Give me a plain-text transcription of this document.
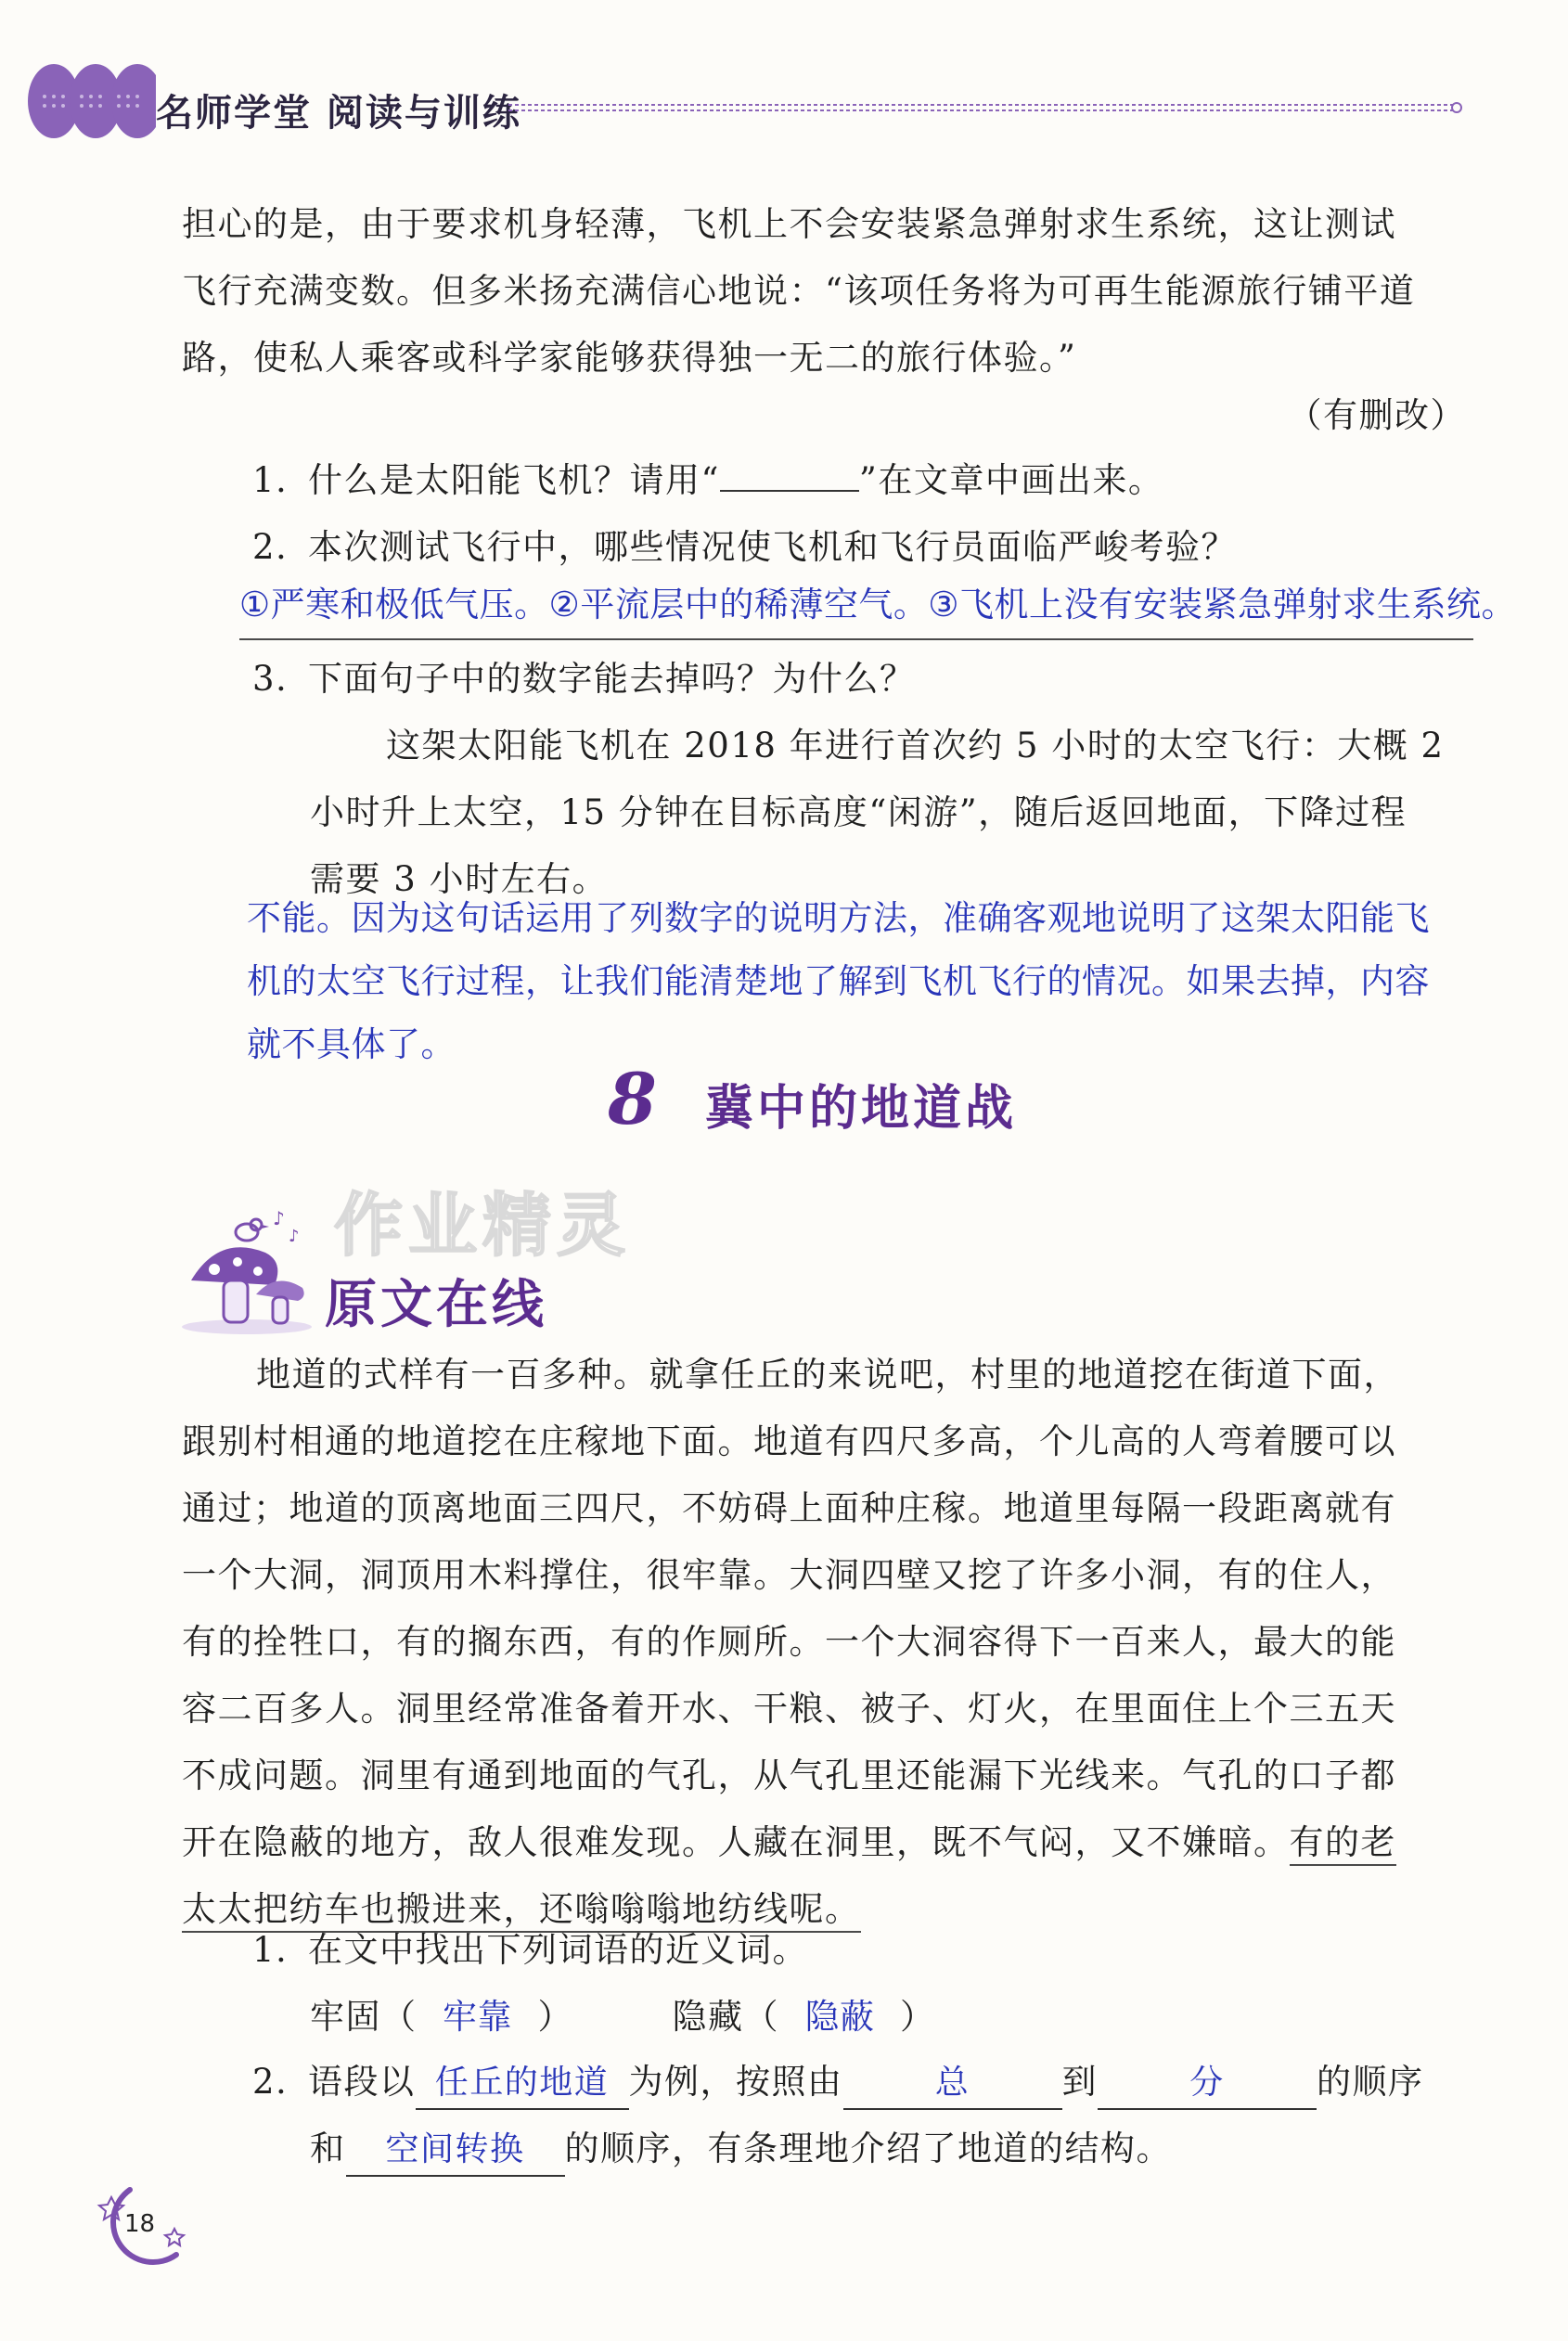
名师学堂 阅读与训练
担心的是，由于要求机身轻薄，飞机上不会安装紧急弹射求生系统，这让测试
飞行充满变数。但多米扬充满信心地说：“该项任务将为可再生能源旅行铺平道
路，使私人乘客或科学家能够获得独一无二的旅行体验。”
（有删改）
1. 什么是太阳能飞机？请用“	”在文章中画出来。
2. 本次测试飞行中，哪些情况使飞机和飞行员面临严峻考验？
①严寒和极低气压。②平流层中的稀薄空气。③飞机上没有安装紧急弹射求生系统。
3. 下面句子中的数字能去掉吗？为什么？
这架太阳能飞机在 2018 年进行首次约 5 小时的太空飞行：大概 2
小时升上太空，15 分钟在目标高度“闲游”，随后返回地面，下降过程
需要 3 小时左右。
不能。因为这句话运用了列数字的说明方法，准确客观地说明了这架太阳能飞
机的太空飞行过程，让我们能清楚地了解到飞机飞行的情况。如果去掉，内容
就不具体了。
8 冀中的地道战
作业精灵
♪
♪
原文在线
地道的式样有一百多种。就拿任丘的来说吧，村里的地道挖在街道下面，
跟别村相通的地道挖在庄稼地下面。地道有四尺多高，个儿高的人弯着腰可以
通过；地道的顶离地面三四尺，不妨碍上面种庄稼。地道里每隔一段距离就有
一个大洞，洞顶用木料撑住，很牢靠。大洞四壁又挖了许多小洞，有的住人，
有的拴牲口，有的搁东西，有的作厕所。一个大洞容得下一百来人，最大的能
容二百多人。洞里经常准备着开水、干粮、被子、灯火，在里面住上个三五天
不成问题。洞里有通到地面的气孔，从气孔里还能漏下光线来。气孔的口子都
开在隐蔽的地方，敌人很难发现。人藏在洞里，既不气闷，又不嫌暗。有的老
太太把纺车也搬进来，还嗡嗡嗡地纺线呢。
1. 在文中找出下列词语的近义词。
牢固（ 牢靠 ）	隐藏（ 隐蔽 ）
2. 语段以 任丘的地道 为例，按照由	总	到	分	的顺序
和 空间转换 的顺序，有条理地介绍了地道的结构。
18
